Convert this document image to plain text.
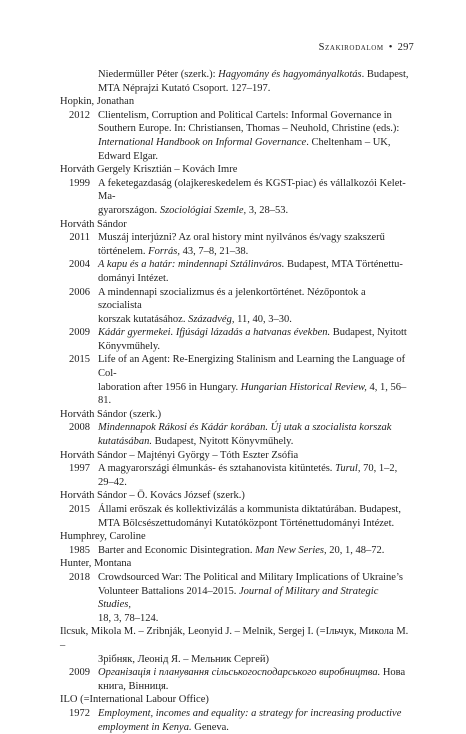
Szakirodalom • 297
Niedermüller Péter (szerk.): Hagyomány és hagyományalkotás. Budapest,
MTA Néprajzi Kutató Csoport. 127–197.
Hopkin, Jonathan
2012 Clientelism, Corruption and Political Cartels: Informal Governance in
Southern Europe. In: Christiansen, Thomas – Neuhold, Christine (eds.):
International Handbook on Informal Governance. Cheltenham – UK,
Edward Elgar.
Horváth Gergely Krisztián – Kovách Imre
1999 A feketegazdaság (olajkereskedelem és KGST-piac) és vállalkozói Kelet-Ma-
gyarországon. Szociológiai Szemle, 3, 28–53.
Horváth Sándor
2011 Muszáj interjúzni? Az oral history mint nyilvános és/vagy szakszerű
történelem. Forrás, 43, 7–8, 21–38.
2004 A kapu és a határ: mindennapi Sztálinváros. Budapest, MTA Történettu-
dományi Intézet.
2006 A mindennapi szocializmus és a jelenkortörténet. Nézőpontok a szocialista
korszak kutatásához. Századvég, 11, 40, 3–30.
2009 Kádár gyermekei. Ifjúsági lázadás a hatvanas években. Budapest, Nyitott
Könyvműhely.
2015 Life of an Agent: Re-Energizing Stalinism and Learning the Language of Col-
laboration after 1956 in Hungary. Hungarian Historical Review, 4, 1, 56–81.
Horváth Sándor (szerk.)
2008 Mindennapok Rákosi és Kádár korában. Új utak a szocialista korszak
kutatásában. Budapest, Nyitott Könyvműhely.
Horváth Sándor – Majtényi György – Tóth Eszter Zsófia
1997 A magyarországi élmunkás- és sztahanovista kitüntetés. Turul, 70, 1–2,
29–42.
Horváth Sándor – Ö. Kovács József (szerk.)
2015 Állami erőszak és kollektivizálás a kommunista diktatúrában. Budapest,
MTA Bölcsészettudományi Kutatóközpont Történettudományi Intézet.
Humphrey, Caroline
1985 Barter and Economic Disintegration. Man New Series, 20, 1, 48–72.
Hunter, Montana
2018 Crowdsourced War: The Political and Military Implications of Ukraine’s
Volunteer Battalions 2014–2015. Journal of Military and Strategic Studies,
18, 3, 78–124.
Ilcsuk, Mikola M. – Zribnják, Leonyid J. – Melnik, Sergej I. (=Ільчук, Микола М. –
Зрібняк, Леонід Я. – Мельник Сергей)
2009 Організація і планування сільськогосподарського виробництва. Нова
книга, Вінниця.
ILO (=International Labour Office)
1972 Employment, incomes and equality: a strategy for increasing productive
employment in Kenya. Geneva.
